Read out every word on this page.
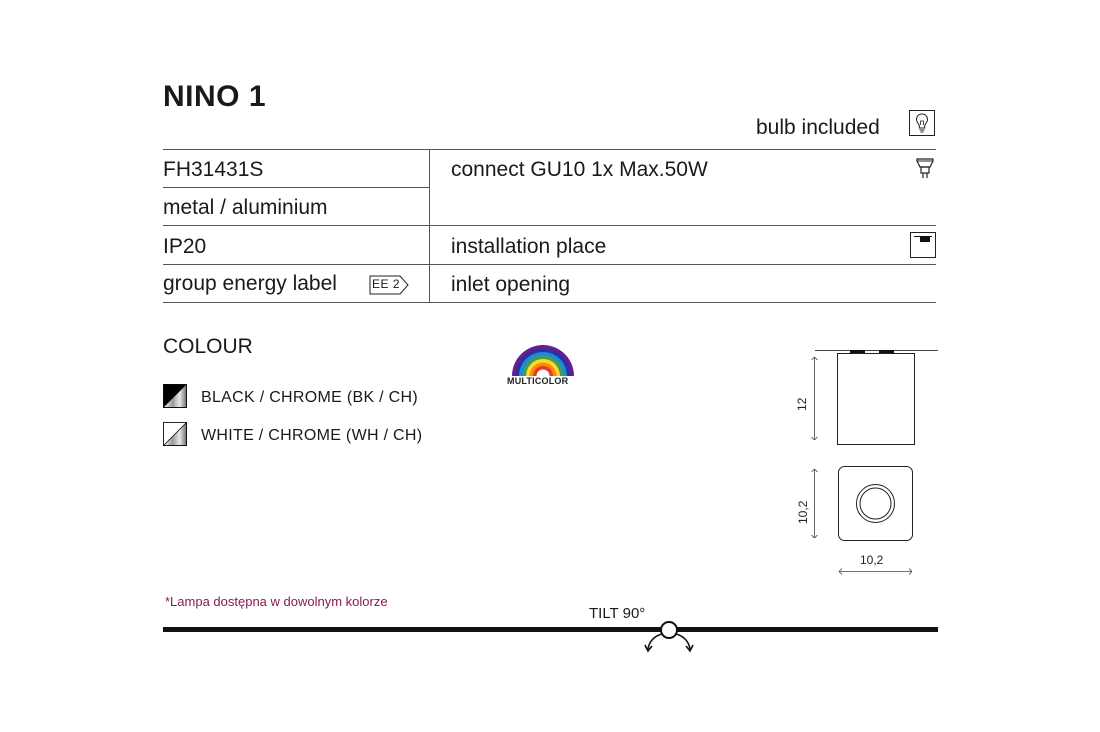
NINO 1
bulb included
FH31431S
metal / aluminium
IP20
group energy label	EE 2
connect GU10 1x Max.50W
installation place
inlet opening
COLOUR
BLACK / CHROME (BK / CH)
WHITE / CHROME (WH / CH)
MULTICOLOR
12
10,2
10,2
*Lampa dostępna w dowolnym kolorze
TILT 90°
